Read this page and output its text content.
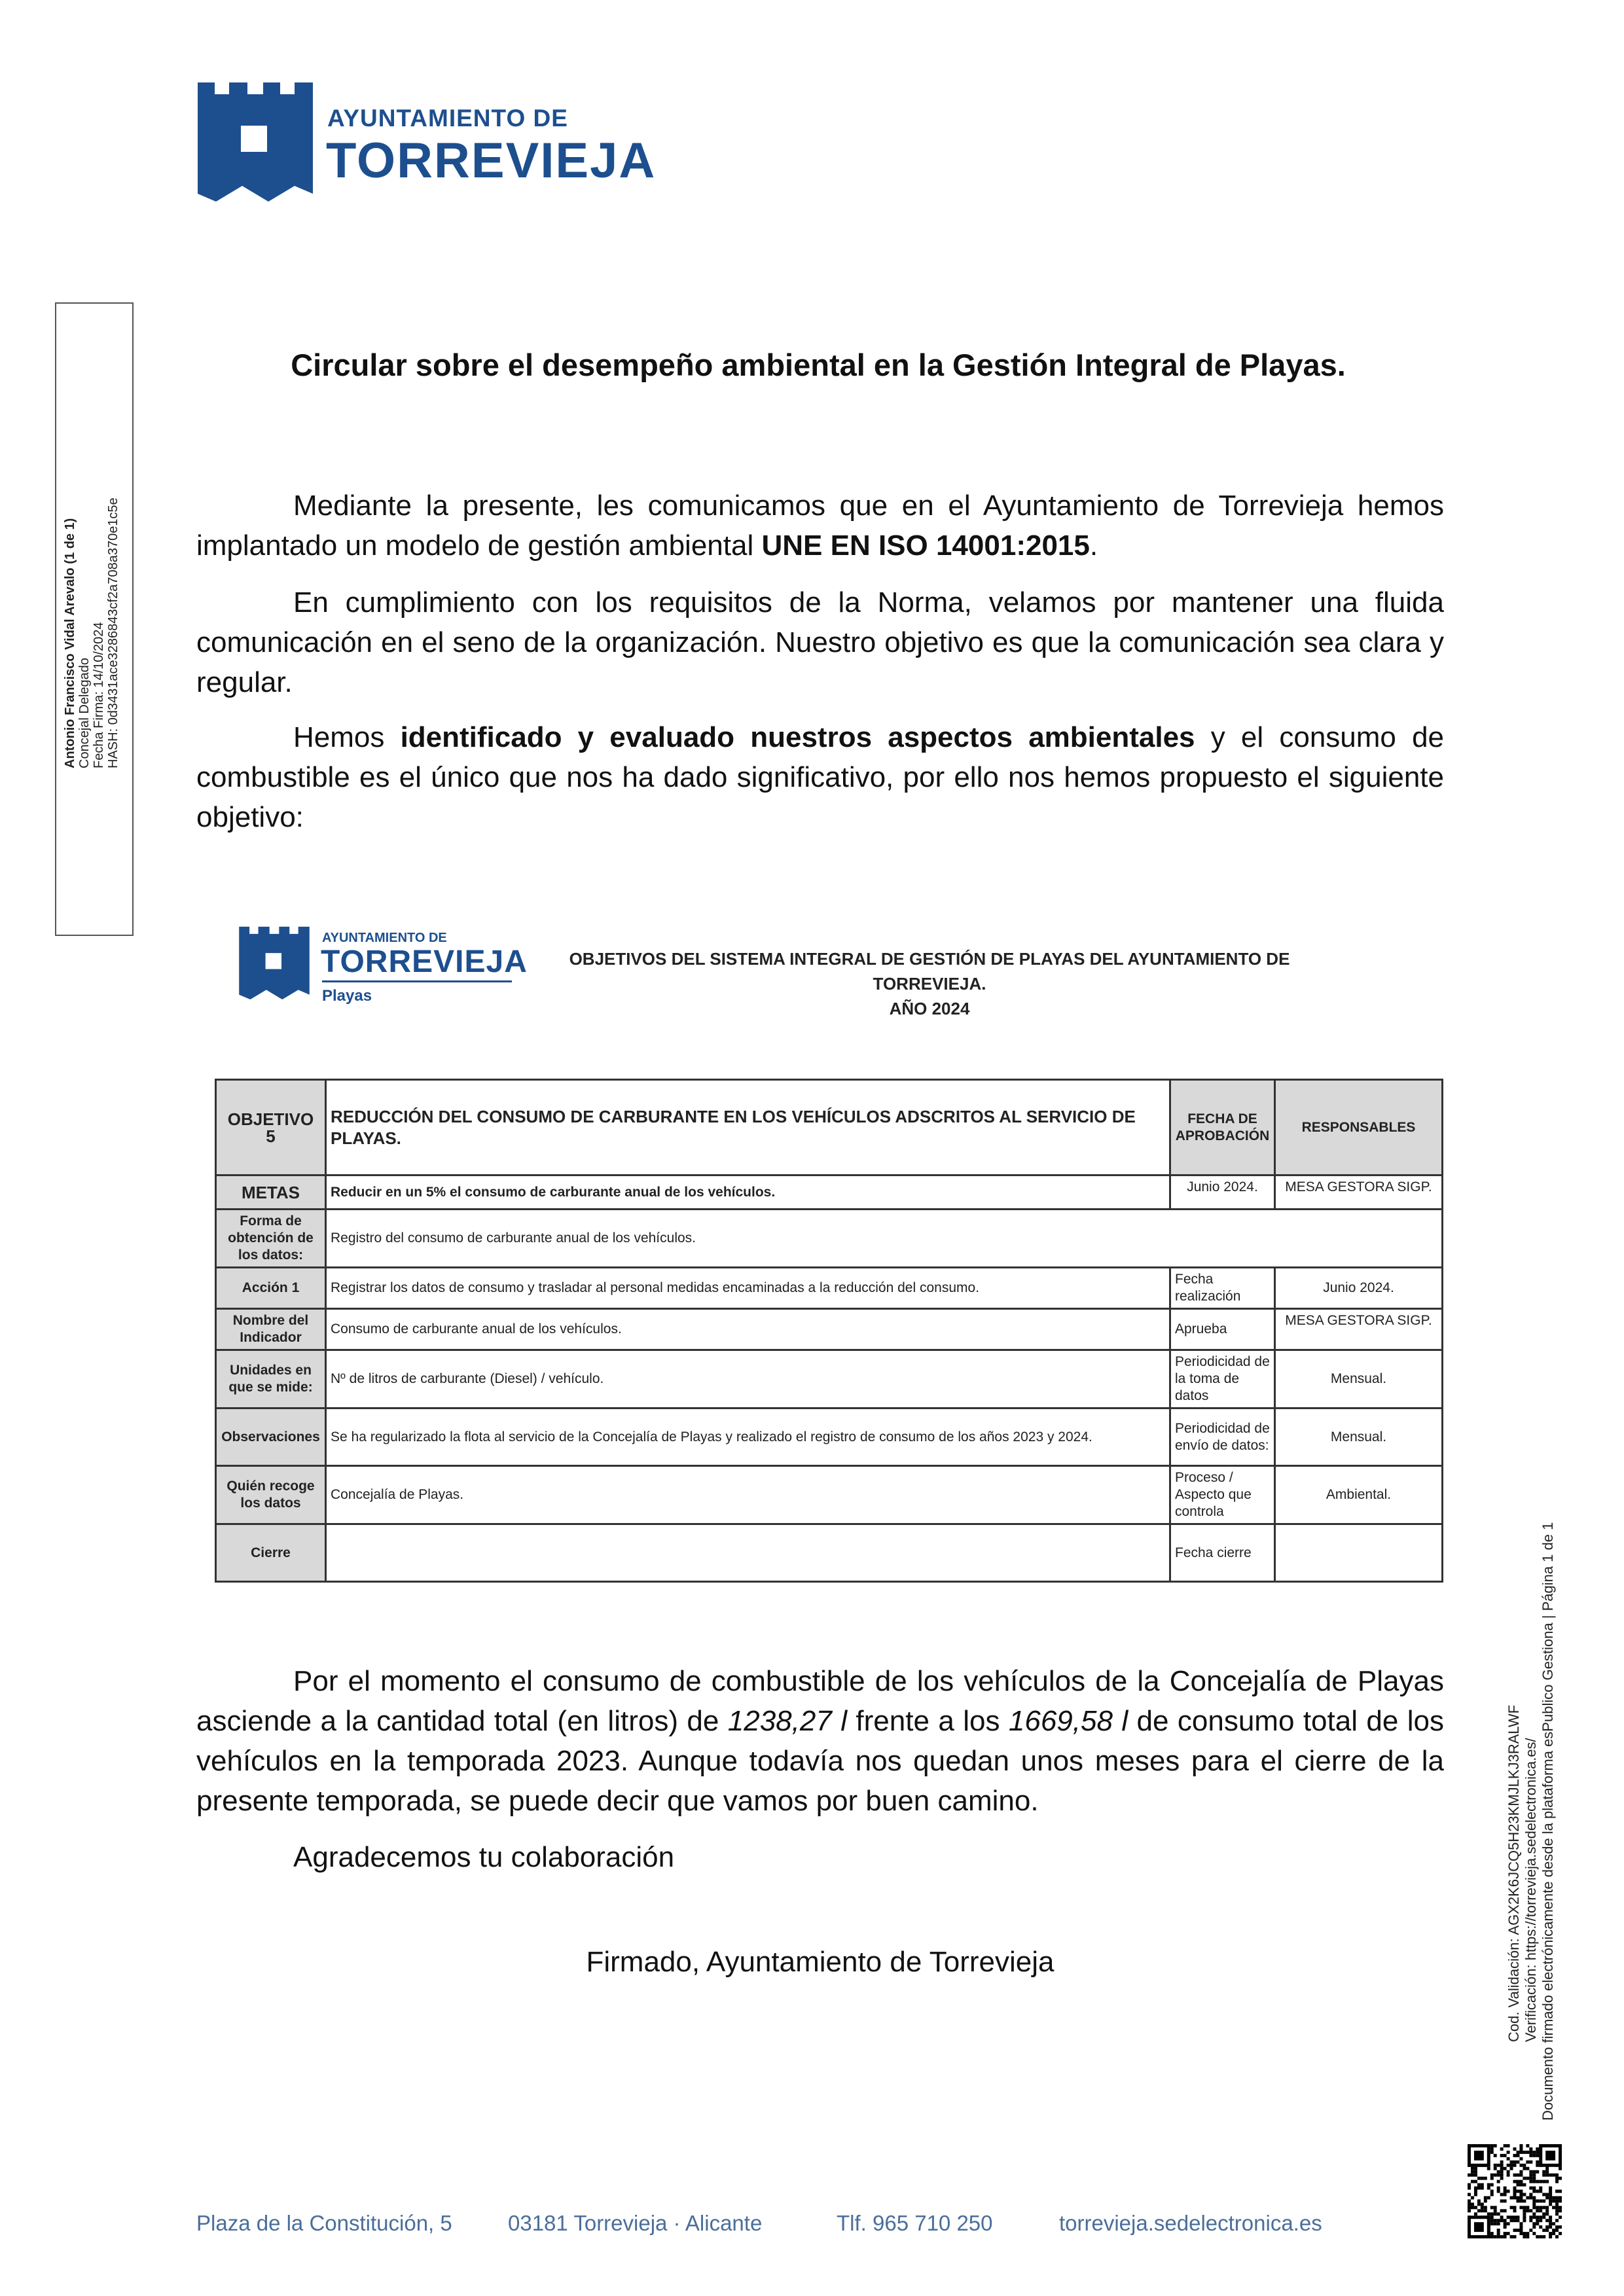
AYUNTAMIENTO DE
TORREVIEJA
Antonio Francisco Vidal Arevalo (1 de 1) Concejal Delegado Fecha Firma: 14/10/2024 HASH: 0d3431ace3286843cf2a708a370e1c5e
Cod. Validación: AGX2K6JCQ5H23KMJLKJ3RALWF Verificación: https://torrevieja.sedelectronica.es/ Documento firmado electrónicamente desde la plataforma esPublico Gestiona | Página 1 de 1
Circular sobre el desempeño ambiental en la Gestión Integral de Playas.
Mediante la presente, les comunicamos que en el Ayuntamiento de Torrevieja hemos implantado un modelo de gestión ambiental UNE EN ISO 14001:2015.
En cumplimiento con los requisitos de la Norma, velamos por mantener una fluida comunicación en el seno de la organización. Nuestro objetivo es que la comunicación sea clara y regular.
Hemos identificado y evaluado nuestros aspectos ambientales y el consumo de combustible es el único que nos ha dado significativo, por ello nos hemos propuesto el siguiente objetivo:
AYUNTAMIENTO DE
TORREVIEJA
Playas
OBJETIVOS DEL SISTEMA INTEGRAL DE GESTIÓN DE PLAYAS DEL AYUNTAMIENTO DE TORREVIEJA.
AÑO 2024
OBJETIVO 5	REDUCCIÓN DEL CONSUMO DE CARBURANTE EN LOS VEHÍCULOS ADSCRITOS AL SERVICIO DE PLAYAS.	FECHA DE APROBACIÓN	RESPONSABLES
METAS	Reducir en un 5% el consumo de carburante anual de los vehículos.	Junio 2024.	MESA GESTORA SIGP.
Forma de obtención de los datos:	Registro del consumo de carburante anual de los vehículos.		
Acción 1	Registrar los datos de consumo y trasladar al personal medidas encaminadas a la reducción del consumo.	Fecha realización	Junio 2024.
Nombre del Indicador	Consumo de carburante anual de los vehículos.	Aprueba	MESA GESTORA SIGP.
Unidades en que se mide:	Nº de litros de carburante (Diesel) / vehículo.	Periodicidad de la toma de datos	Mensual.
Observaciones	Se ha regularizado la flota al servicio de la Concejalía de Playas y realizado el registro de consumo de los años 2023 y 2024.	Periodicidad de envío de datos:	Mensual.
Quién recoge los datos	Concejalía de Playas.	Proceso / Aspecto que controla	Ambiental.
Cierre		Fecha cierre	
Por el momento el consumo de combustible de los vehículos de la Concejalía de Playas asciende a la cantidad total (en litros) de 1238,27 l frente a los 1669,58 l de consumo total de los vehículos en la temporada 2023. Aunque todavía nos quedan unos meses para el cierre de la presente temporada, se puede decir que vamos por buen camino.
Agradecemos tu colaboración
Firmado, Ayuntamiento de Torrevieja
Plaza de la Constitución, 5	03181 Torrevieja · Alicante	Tlf. 965 710 250	torrevieja.sedelectronica.es
